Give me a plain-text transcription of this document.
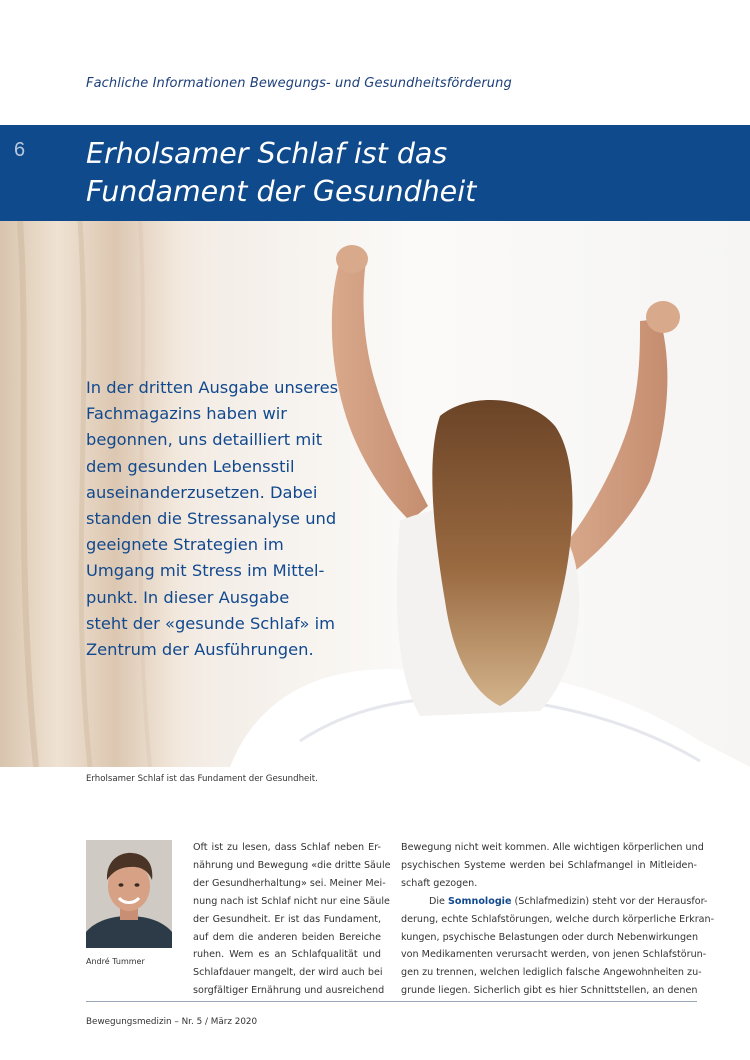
Fachliche Informationen Bewegungs- und Gesundheitsförderung
6 Erholsamer Schlaf ist das
Fundament der Gesundheit
In der dritten Ausgabe unseres
Fachmagazins haben wir
begonnen, uns detailliert mit
dem gesunden Lebensstil
auseinanderzusetzen. Dabei
standen die Stressanalyse und
geeignete Strategien im
Umgang mit Stress im Mittel-
punkt. In dieser Ausgabe
steht der «gesunde Schlaf» im
Zentrum der Ausführungen.
Erholsamer Schlaf ist das Fundament der Gesundheit.
André Tummer
Oft ist zu lesen, dass Schlaf neben Er-
nährung und Bewegung «die dritte Säule
der Gesundherhaltung» sei. Meiner Mei-
nung nach ist Schlaf nicht nur eine Säule
der Gesundheit. Er ist das Fundament,
auf dem die anderen beiden Bereiche
ruhen. Wem es an Schlafqualität und
Schlafdauer mangelt, der wird auch bei
sorgfältiger Ernährung und ausreichend
Bewegung nicht weit kommen. Alle wichtigen körperlichen und
psychischen Systeme werden bei Schlafmangel in Mitleiden-
schaft gezogen.
Die Somnologie (Schlafmedizin) steht vor der Herausfor-
derung, echte Schlafstörungen, welche durch körperliche Erkran-
kungen, psychische Belastungen oder durch Nebenwirkungen
von Medikamenten verursacht werden, von jenen Schlafstörun-
gen zu trennen, welchen lediglich falsche Angewohnheiten zu-
grunde liegen. Sicherlich gibt es hier Schnittstellen, an denen
Bewegungsmedizin – Nr. 5 / März 2020
